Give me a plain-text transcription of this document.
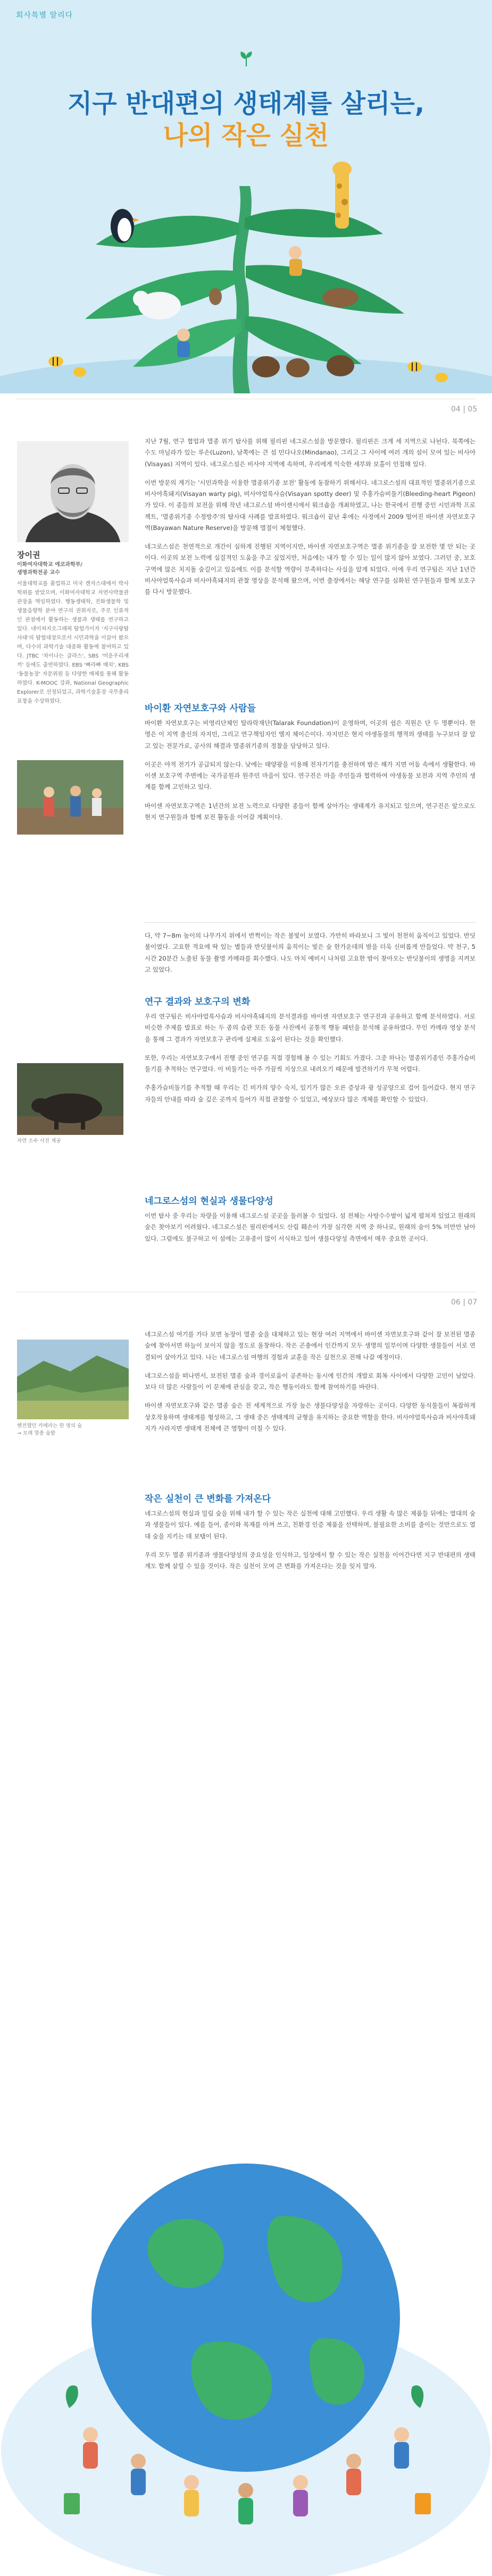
회사특별 알리다
지구 반대편의 생태계를 살리는,
나의 작은 실천
04 | 05
장이권
이화여자대학교 에코과학부/
생명과학전공 교수
서울대학교를 졸업하고 미국 캔자스대에서 박사학위를 받았으며, 이화여자대학교 자연사박물관 관장을 역임하였다. 행동생태학, 진화생물학 및 생물음향학 분야 연구의 권위자로, 주로 인류적인 관점에서 활동하는 생물과 생태를 연구하고 있다. 네이쳐지오그래픽 탐험가이자 '지구사랑탐사대'의 탐험대장으로서 시민과학을 이끌어 왔으며, 다수의 과학기술 대중화 활동에 참여하고 있다. JTBC '차이나는 클라스', SBS '미운우리새끼' 등에도 출연하였다. EBS '빠라빠 매치', KBS '동물농장' 자문위원 등 다양한 매체를 통해 활동하였다. K-MOOC 강좌, National Geographic Explorer로 선정되었고, 과학기술훈장 국무총리 표창을 수상하였다.

지난 7월, 연구 협업과 멸종 위기 탐사를 위해 필리핀 네그로스섬을 방문했다. 필리핀은 크게 세 지역으로 나뉜다. 북쪽에는 수도 마닐라가 있는 루손(Luzon), 남쪽에는 큰 섬 민다나오(Mindanao), 그리고 그 사이에 여러 개의 섬이 모여 있는 비사야(Visayas) 지역이 있다. 네그로스섬은 비사야 지역에 속하며, 우리에게 익숙한 세부와 보홀이 인접해 있다.

이번 방문의 계기는 '시민과학을 이용한 멸종위기종 보전' 활동에 동참하기 위해서다. 네그로스섬의 대표적인 멸종위기종으로 비사야흑돼지(Visayan warty pig), 비사야얼룩사슴(Visayan spotty deer) 및 주홍가슴비둘기(Bleeding-heart Pigeon)가 있다. 이 종들의 보전을 위해 작년 네그로스섬 바이센시에서 워크숍을 개최하였고, 나는 한국에서 진행 중인 시민과학 프로젝트, '멸종위기종 수정방주'의 탐사대 사례를 발표하였다. 워크숍이 끝난 후에는 사정에서 2009 떨어진 바이센 자연보호구역(Bayawan Nature Reserve)을 방문해 멸절이 체험했다.

네그로스섬은 천연적으로 개간이 심하게 진행된 지역이지만, 바이센 자연보호구역은 멸종 위기종을 잘 보전한 몇 안 되는 곳이다. 이곳의 보전 노력에 실질적인 도움을 주고 싶었지만, 처음에는 내가 할 수 있는 일이 많지 않아 보였다. 그러던 중, 보호구역에 많은 치지돌 숲길이고 있음에도 이를 분석할 역량이 부족하다는 사실을 알게 되었다. 이에 우리 연구팀은 지난 1년간 비사야얼룩사슴과 비사야흑돼지의 관찰 영상을 분석해 왔으며, 이번 출장에서는 해당 연구를 심화된 연구원들과 함께 보호구를 다시 방문했다.

바이환 자연보호구와 사람들

바이환 자연보호구는 비영리단체인 탈라락재단(Talarak Foundation)이 운영하며, 이곳의 쉽은 직원은 단 두 명뿐이다. 한 명은 이 지역 출신의 자지민, 그리고 연구책임자인 엠지 체이슨이다. 자지민은 현지 야생동물의 행적의 생태를 누구보다 잘 알고 있는 전문가로, 공사의 해결과 멸종위기종의 정찰을 담당하고 있다.

이곳은 야적 전기가 공급되지 않는다. 낮에는 태양광을 이용해 전자기기를 충전하며 밤은 해가 지면 어둠 속에서 생활한다. 바이센 보호구역 주변에는 국가공원과 원주민 마을이 있다. 연구진은 마을 주민들과 협력하여 야생동물 보전과 지역 주민의 생계를 함께 고민하고 있다.

바이센 자연보호구역은 1년간의 보전 노력으로 다양한 종들이 함께 살아가는 생태계가 유지되고 있으며, 연구진은 앞으로도 현지 연구원들과 함께 보전 활동을 이어갈 계획이다.

다, 약 7~8m 높이의 나무가지 위에서 번쩍이는 작은 불빛이 보였다. 가만히 바라보니 그 빛이 천천히 움직이고 있었다. 반딧불이였다. 고요한 적요에 딱 있는 별들과 반딧불이의 움직이는 빛은 숲 한가운데의 밤을 더욱 신비롭게 만들었다. 약 천구, 5시간 20분간 노출된 동물 촬영 카메라를 회수했다. 나도 마치 예비시 나처럼 고요한 밤이 찾아오는 반딧불이의 생명을 지켜보고 있었다.

연구 결과와 보호구의 변화

우리 연구팀은 비사야얼룩사슴과 비사야흑돼지의 분석결과를 바이센 자연보호구 연구진과 공유하고 함께 분석하였다. 서로 비슷한 주제를 발표로 하는 두 종의 습관 모든 동물 사진에서 공통적 행동 패턴을 분석해 공유하였다. 무인 카메라 영상 분석을 통해 그 결과가 자연보호구 관리에 실제로 도움이 된다는 것을 확인했다.

또한, 우리는 자연보호구에서 진행 중인 연구를 직접 경험해 볼 수 있는 기회도 가졌다. 그중 하나는 멸종위기종인 주홍가슴비둘기를 추적하는 연구였다. 이 비둘기는 아주 가끔씩 지상으로 내려오기 때문에 발견하기가 무척 어렵다.

주홍가슴비둘기를 추적할 때 우리는 긴 비가의 양수 숙지, 있기가 많은 오른 증상과 광 성공양으로 걸어 들어갔다. 현지 연구자들의 안내를 따라 숲 깊은 곳까지 들어가 직접 관찰할 수 있었고, 예상보다 많은 개체를 확인할 수 있었다.

자연 소수 사진 제공
네그로스섬의 현실과 생물다양성

이번 탐사 중 우리는 차량을 이용해 네그로스섬 곳곳을 둘러볼 수 있었다. 섬 전체는 사탕수수밭이 넓게 펼쳐져 있었고 원래의 숲은 찾아보기 어려웠다. 네그로스섬은 필리핀에서도 산림 훼손이 가장 심각한 지역 중 하나로, 원래의 숲이 5% 미만만 남아 있다. 그럼에도 불구하고 이 섬에는 고유종이 많이 서식하고 있어 생물다양성 측면에서 매우 중요한 곳이다.

06 | 07
헨전했던 카메라는 한 명의 숲
→ 모래 멸종 숲밭

네그로스섬 여기를 가다 보면 농장이 멸종 숲을 대체하고 있는 현장 여러 지역에서 바이센 자연보호구와 같이 잘 보전된 멸종 숲에 찾아서면 하늘이 보이지 않을 정도로 울창하다. 작은 곤충에서 인간까지 모두 생명의 일부이며 다양한 생물들이 서로 연결되어 살아가고 있다. 나는 네그로스섬 여행의 경험과 교훈을 작은 실천으로 전해 나갈 예정이다.

네그로스섬을 떠나면서, 보전된 멸종 숲과 경이로움이 공존하는 동시에 인간의 개발로 회복 사이에서 다양한 고민이 남았다. 보다 더 많은 사람들이 이 문제에 관심을 갖고, 작은 행동이라도 함께 참여하기를 바란다.

바이센 자연보호구와 같은 멸종 숲은 전 세계적으로 가장 높은 생물다양성을 자랑하는 곳이다. 다양한 동식물들이 복잡하게 상호작용하며 생태계를 형성하고, 그 생태 중은 생태계의 균형을 유지하는 중요한 역할을 한다. 비사야얼룩사슴과 비사야흑돼지가 사라지면 생태계 전체에 큰 영향이 미칠 수 있다.

작은 실천이 큰 변화를 가져온다

네그로스섬의 현실과 밀림 숲을 위해 내가 할 수 있는 작은 실천에 대해 고민했다. 우리 생활 속 많은 제품들 뒤에는 열대의 숲과 생물들이 있다. 예를 들어, 종이와 목재를 아껴 쓰고, 친환경 인증 제품을 선택하며, 불필요한 소비를 줄이는 것만으로도 열대 숲을 지키는 데 보탬이 된다.

우리 모두 멸종 위기종과 생물다양성의 중요성을 인식하고, 일상에서 할 수 있는 작은 실천을 이어간다면 지구 반대편의 생태계도 함께 살릴 수 있을 것이다. 작은 실천이 모여 큰 변화를 가져온다는 것을 잊지 말자.
